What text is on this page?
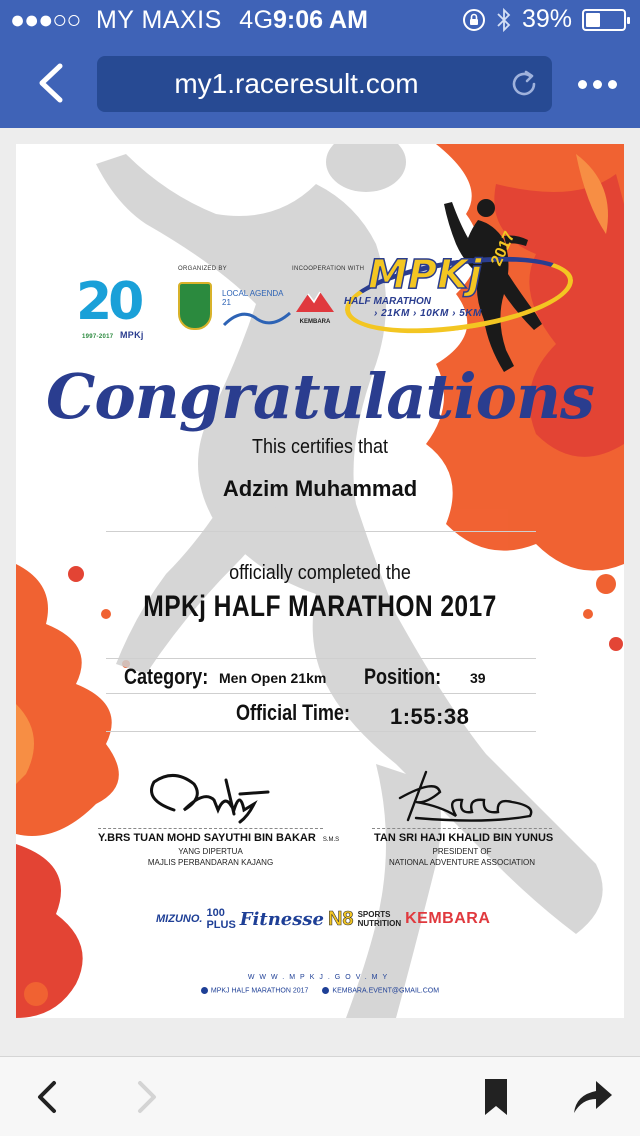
●●●○○ MY MAXIS 4G 9:06 AM	39%
my1.raceresult.com
20
1997-2017 MPKj
ORGANIZED BY	INCOOPERATION WITH
LOCAL AGENDA 21
KEMBARA
MPKj
HALF MARATHON
› 21KM › 10KM › 5KM
2017
Congratulations
This certifies that
Adzim Muhammad
officially completed the
MPKj HALF MARATHON 2017
Category: Men Open 21km Position: 39
Official Time: 1:55:38
Y.BRS TUAN MOHD SAYUTHI BIN BAKAR S.M.S
YANG DIPERTUA
MAJLIS PERBANDARAN KAJANG
TAN SRI HAJI KHALID BIN YUNUS
PRESIDENT OF
NATIONAL ADVENTURE ASSOCIATION
MIZUNO. 100 PLUS Fitnesse N8 SPORTS NUTRITION KEMBARA
WWW.MPKJ.GOV.MY
MPKJ HALF MARATHON 2017	KEMBARA.EVENT@GMAIL.COM
